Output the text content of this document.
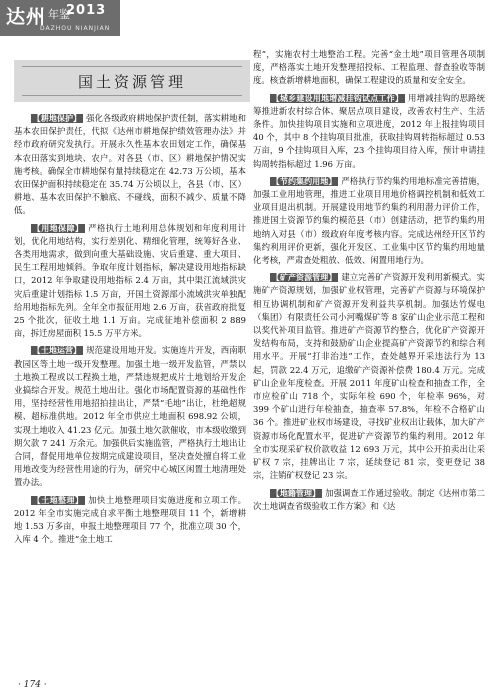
达州 年鉴
2013
DAZHOU NIANJIAN
国土资源管理

【耕地保护】 强化各级政府耕地保护责任制，落实耕地和基本农田保护责任，代拟《达州市耕地保护绩效管理办法》并经市政府研究发执行。开展永久性基本农田划定工作，确保基本农田落实到地块、农户。对各县（市、区）耕地保护情况实施考核。确保全市耕地保有量持续稳定在 42.73 万公顷，基本农田保护面积持续稳定在 35.74 万公顷以上，各县（市、区）耕地、基本农田保护不触底、不碰线，面积不减少、质量不降低。

【用地保障】 严格执行土地利用总体规划和年度利用计划，优化用地结构，实行差别化、精细化管理，统筹好各业、各类用地需求，做到向重大基础设施、灾后重建、重大项目、民生工程用地倾斜。争取年度计划指标，解决建设用地指标缺口，2012 年争取建设用地指标 2.4 万亩，其中渠江流域洪灾灾后重建计划指标 1.5 万亩，开国土资源部小流域洪灾单独配给用地指标先列。全年全市报征用地 2.6 万亩，获省政府批复 25 个批次，征收土地 1.1 万亩。完成征地补偿面积 2 889 亩，拆迁房屋面积 15.5 万平方米。

【土地运营】 规范建设用地开发。实施连片开发，西南职教园区等土地一级开发整理。加强土地一级开发监管，严禁以土地换工程或以工程换土地，严禁违规把成片土地划给开发企业搞综合开发。规范土地出让。强化市场配置资源的基础性作用，坚持经营性用地招拍挂出让，严禁“毛地”出让，杜绝超规模、超标准供地。2012 年全市供应土地面积 698.92 公顷，实现土地收入 41.23 亿元。加强土地欠款催收，市本级收缴到期欠款 7 241 万余元。加强供后实施监管，严格执行土地出让合同，督促用地单位按期完成建设项目，坚决查处擅自将工业用地改变为经营性用途的行为，研究中心城区闲置土地清理处置办法。

【土地整理】 加快土地整理项目实施进度和立项工作。2012 年全市实施完成自求平衡土地整理项目 11 个，新增耕地 1.53 万多亩，申报土地整理项目 77 个，批准立项 30 个，入库 4 个。推进“金土地工

程”，实施农村土地整治工程。完善“金土地”项目管理各项制度，严格落实土地开发整理招投标、工程监理、督查验收等制度。核查新增耕地面积，确保工程建设的质量和安全安全。

【城乡建设用地增减挂钩试点工作】 用增减挂钩的思路统筹推进新农村综合体、聚居点项目建设，改善农村生产、生活条件。加快挂钩项目实施和立项进度，2012 年上报挂钩项目 40 个，其中 8 个挂钩项目批准，获取挂钩周转指标超过 0.53 万亩，9 个挂钩项目入库，23 个挂钩项目待入库，预计申请挂钩周转指标超过 1.96 万亩。

【节约集约用地】 严格执行节约集约用地标准完善措施，加强工业用地管理，推进工业项目用地价格调控机制和低效工业项目退出机制。开展建设用地节约集约利用潜力评价工作，推进国土资源节约集约模范县（市）创建活动，把节约集约用地纳入对县（市）级政府年度考核内容。完成达州经开区节约集约利用评价更新，强化开发区、工业集中区节约集约用地量化考核，严肃查处粗放、低效、闲置用地行为。

【矿产资源管理】 建立完善矿产资源开发利用新模式。实施矿产资源规划，加强矿业权管理，完善矿产资源与环境保护相互协调机制和矿产资源开发利益共享机制。加强达竹煤电（集团）有限责任公司小河嘴煤矿等 8 家矿山企业示范工程和以奖代补项目监管。推进矿产资源节约整合，优化矿产资源开发结构布局，支持和鼓励矿山企业提高矿产资源节约和综合利用水平。开展“打非治违”工作，查处越界开采违法行为 13 起，罚款 22.4 万元，追缴矿产资源补偿费 180.4 万元。完成矿山企业年度检查。开展 2011 年度矿山检查和抽查工作，全市应检矿山 718 个，实际年检 690 个，年检率 96%，对 399 个矿山进行年检抽查，抽查率 57.8%，年检不合格矿山 36 个。推进矿业权市场建设，寻找矿业权出让载体，加大矿产资源市场化配置水平，促进矿产资源节约集约利用。2012 年全市实现采矿权价款收益 12 693 万元，其中公开拍卖出让采矿权 7 宗，挂牌出让 7 宗，延续登记 81 宗，变更登记 38 宗，注销矿权登记 23 宗。

【地籍管理】 加强调查工作通过验收。制定《达州市第二次土地调查省级验收工作方案》和《达

· 174 ·
